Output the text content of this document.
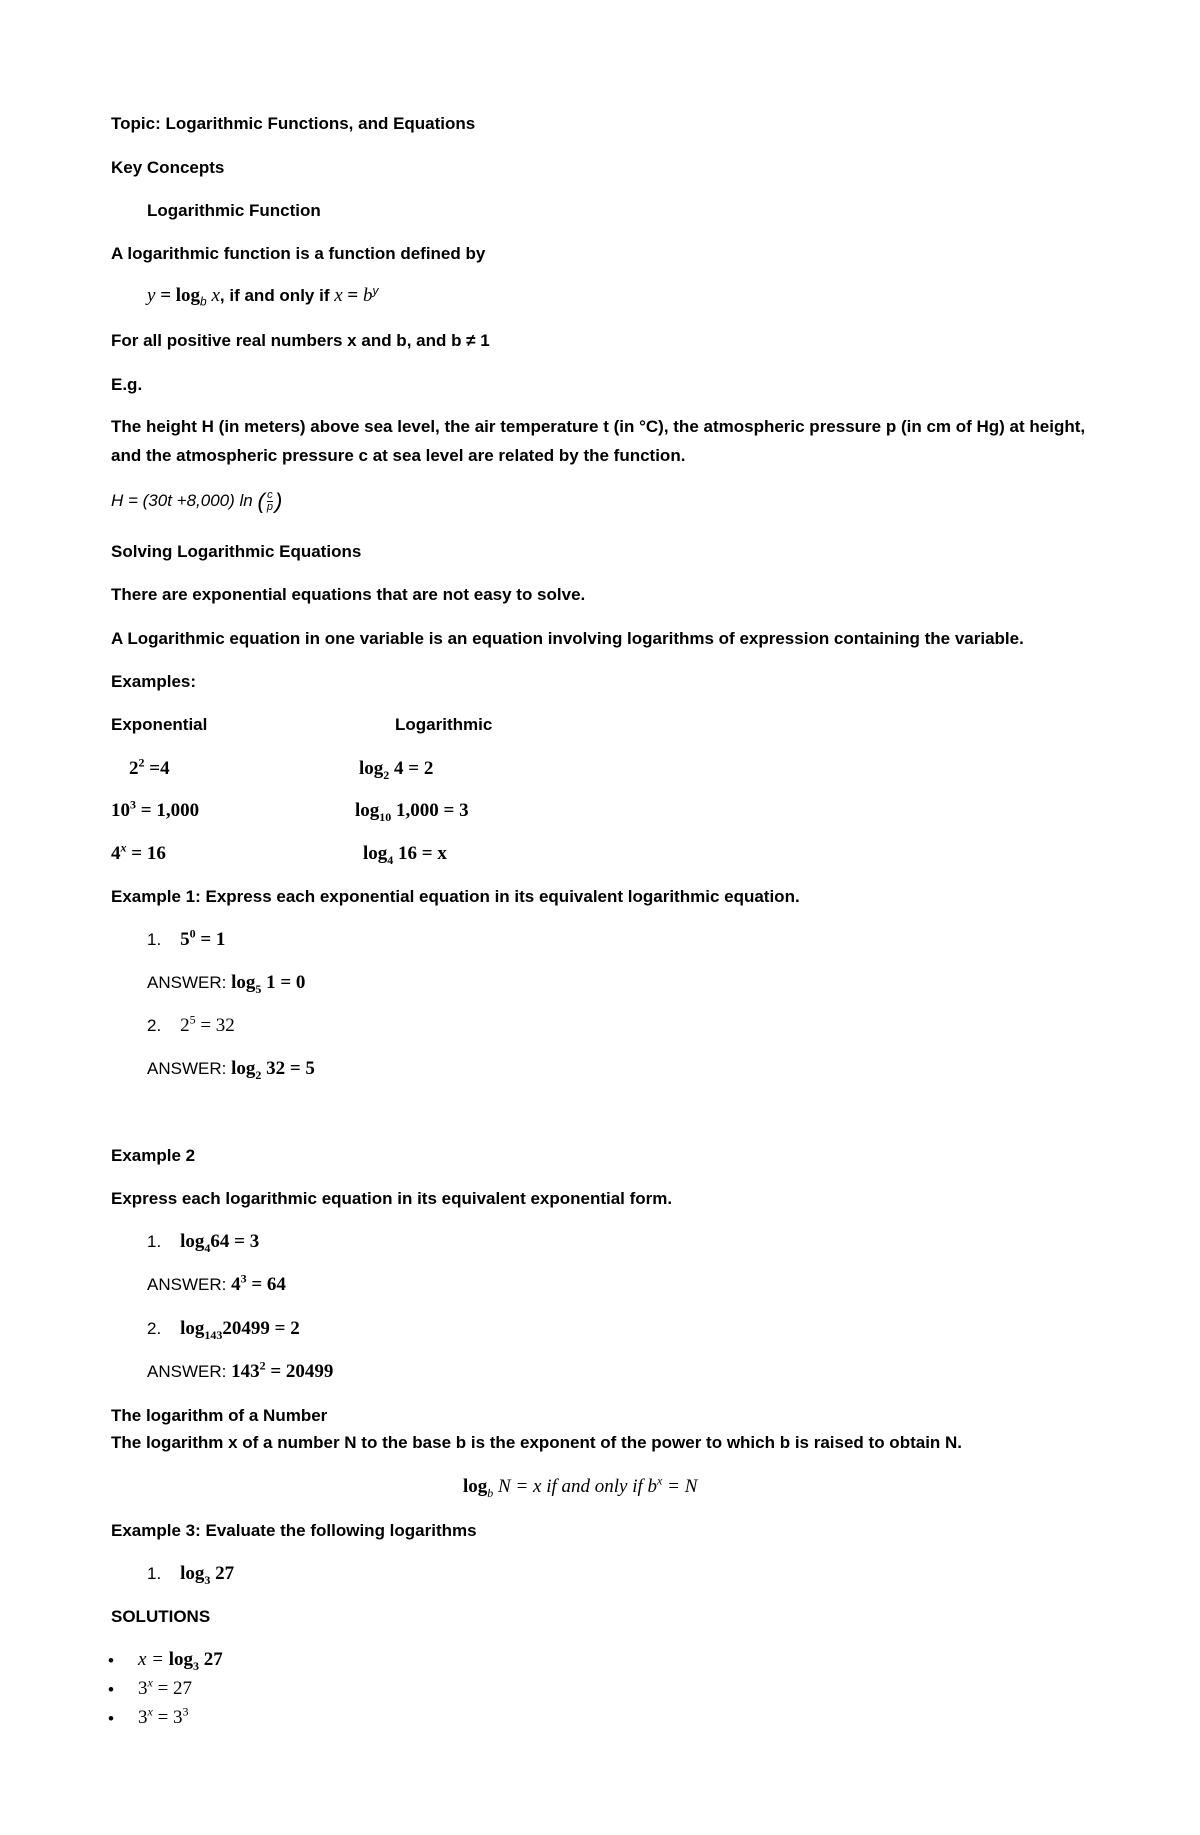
Topic: Logarithmic Functions, and Equations
Key Concepts
Logarithmic Function
A logarithmic function is a function defined by
$y = \log_b x$, if and only if $x = b^y$
For all positive real numbers x and b, and b ≠ 1
E.g.
The height H (in meters) above sea level, the air temperature t (in °C), the atmospheric pressure p (in cm of Hg) at height,
and the atmospheric pressure c at sea level are related by the function.
H = (30t +8,000) ln ( $\frac{c}{p}$ )
Solving Logarithmic Equations
There are exponential equations that are not easy to solve.
A Logarithmic equation in one variable is an equation involving logarithms of expression containing the variable.
Examples:
Exponential	Logarithmic
$2^2 =4$	$\log_2 4 = 2$
$10^3 = 1,000$	$\log_{10} 1,000 = 3$
$4^x = 16$	$\log_4 16 = x$
Example 1: Express each exponential equation in its equivalent logarithmic equation.
1. $5^0 = 1$
ANSWER: $\log_5 1 = 0$
2. $2^5 = 32$
ANSWER: $\log_2 32 = 5$
Example 2
Express each logarithmic equation in its equivalent exponential form.
1. $\log_464 = 3$
ANSWER: $4^3 = 64$
2. $\log_{143}20499 = 2$
ANSWER: $143^2 = 20499$
The logarithm of a Number
The logarithm x of a number N to the base b is the exponent of the power to which b is raised to obtain N.
$\log_b N = x$ if and only if $b^x = N$
Example 3: Evaluate the following logarithms
1. $\log_3 27$
SOLUTIONS
• $x = \log_3 27$
• $3^x = 27$
• $3^x = 3^3$
